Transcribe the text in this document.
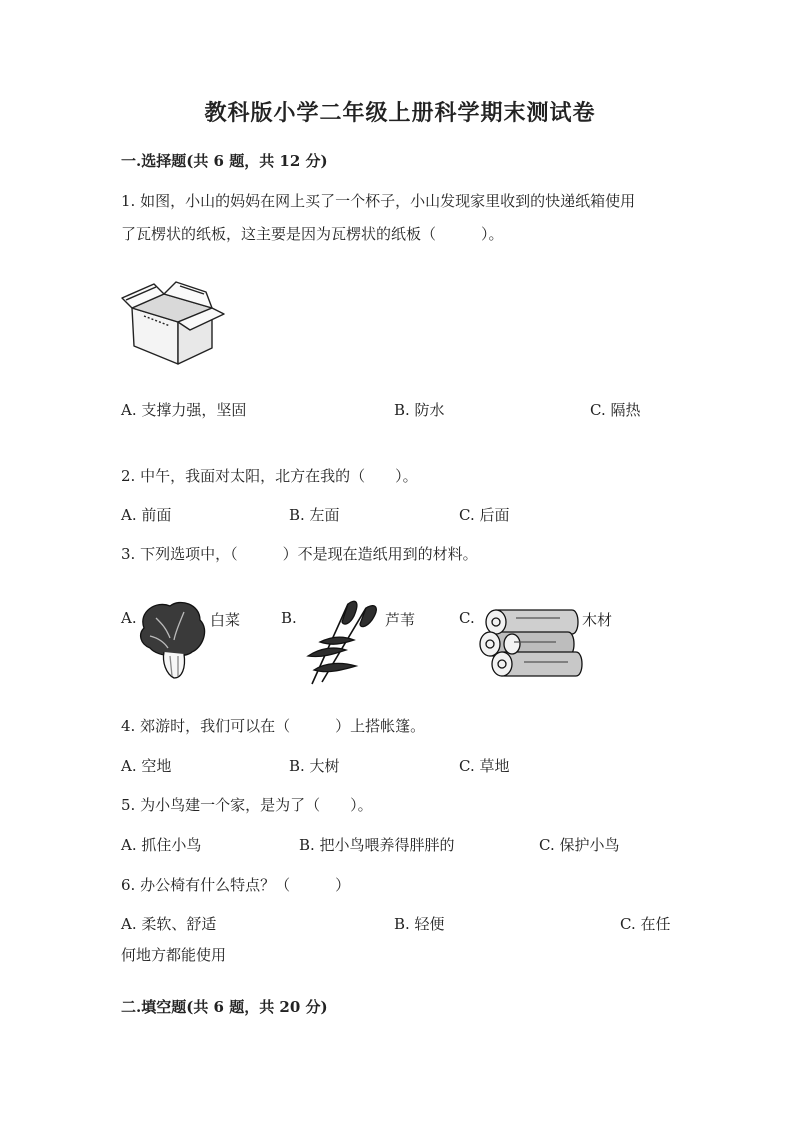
教科版小学二年级上册科学期末测试卷
一.选择题(共 6 题，共 12 分)
1. 如图，小山的妈妈在网上买了一个杯子，小山发现家里收到的快递纸箱使用
了瓦楞状的纸板，这主要是因为瓦楞状的纸板（　　　）。
A. 支撑力强，坚固	B. 防水	C. 隔热
2. 中午，我面对太阳，北方在我的（　　）。
A. 前面	B. 左面	C. 后面
3. 下列选项中，（　　　）不是现在造纸用到的材料。
A.	白菜	B.	芦苇	C.	木材
4. 郊游时，我们可以在（　　　）上搭帐篷。
A. 空地	B. 大树	C. 草地
5. 为小鸟建一个家，是为了（　　）。
A. 抓住小鸟	B. 把小鸟喂养得胖胖的	C. 保护小鸟
6. 办公椅有什么特点？（　　　）
A. 柔软、舒适	B. 轻便	C. 在任
何地方都能使用
二.填空题(共 6 题，共 20 分)
